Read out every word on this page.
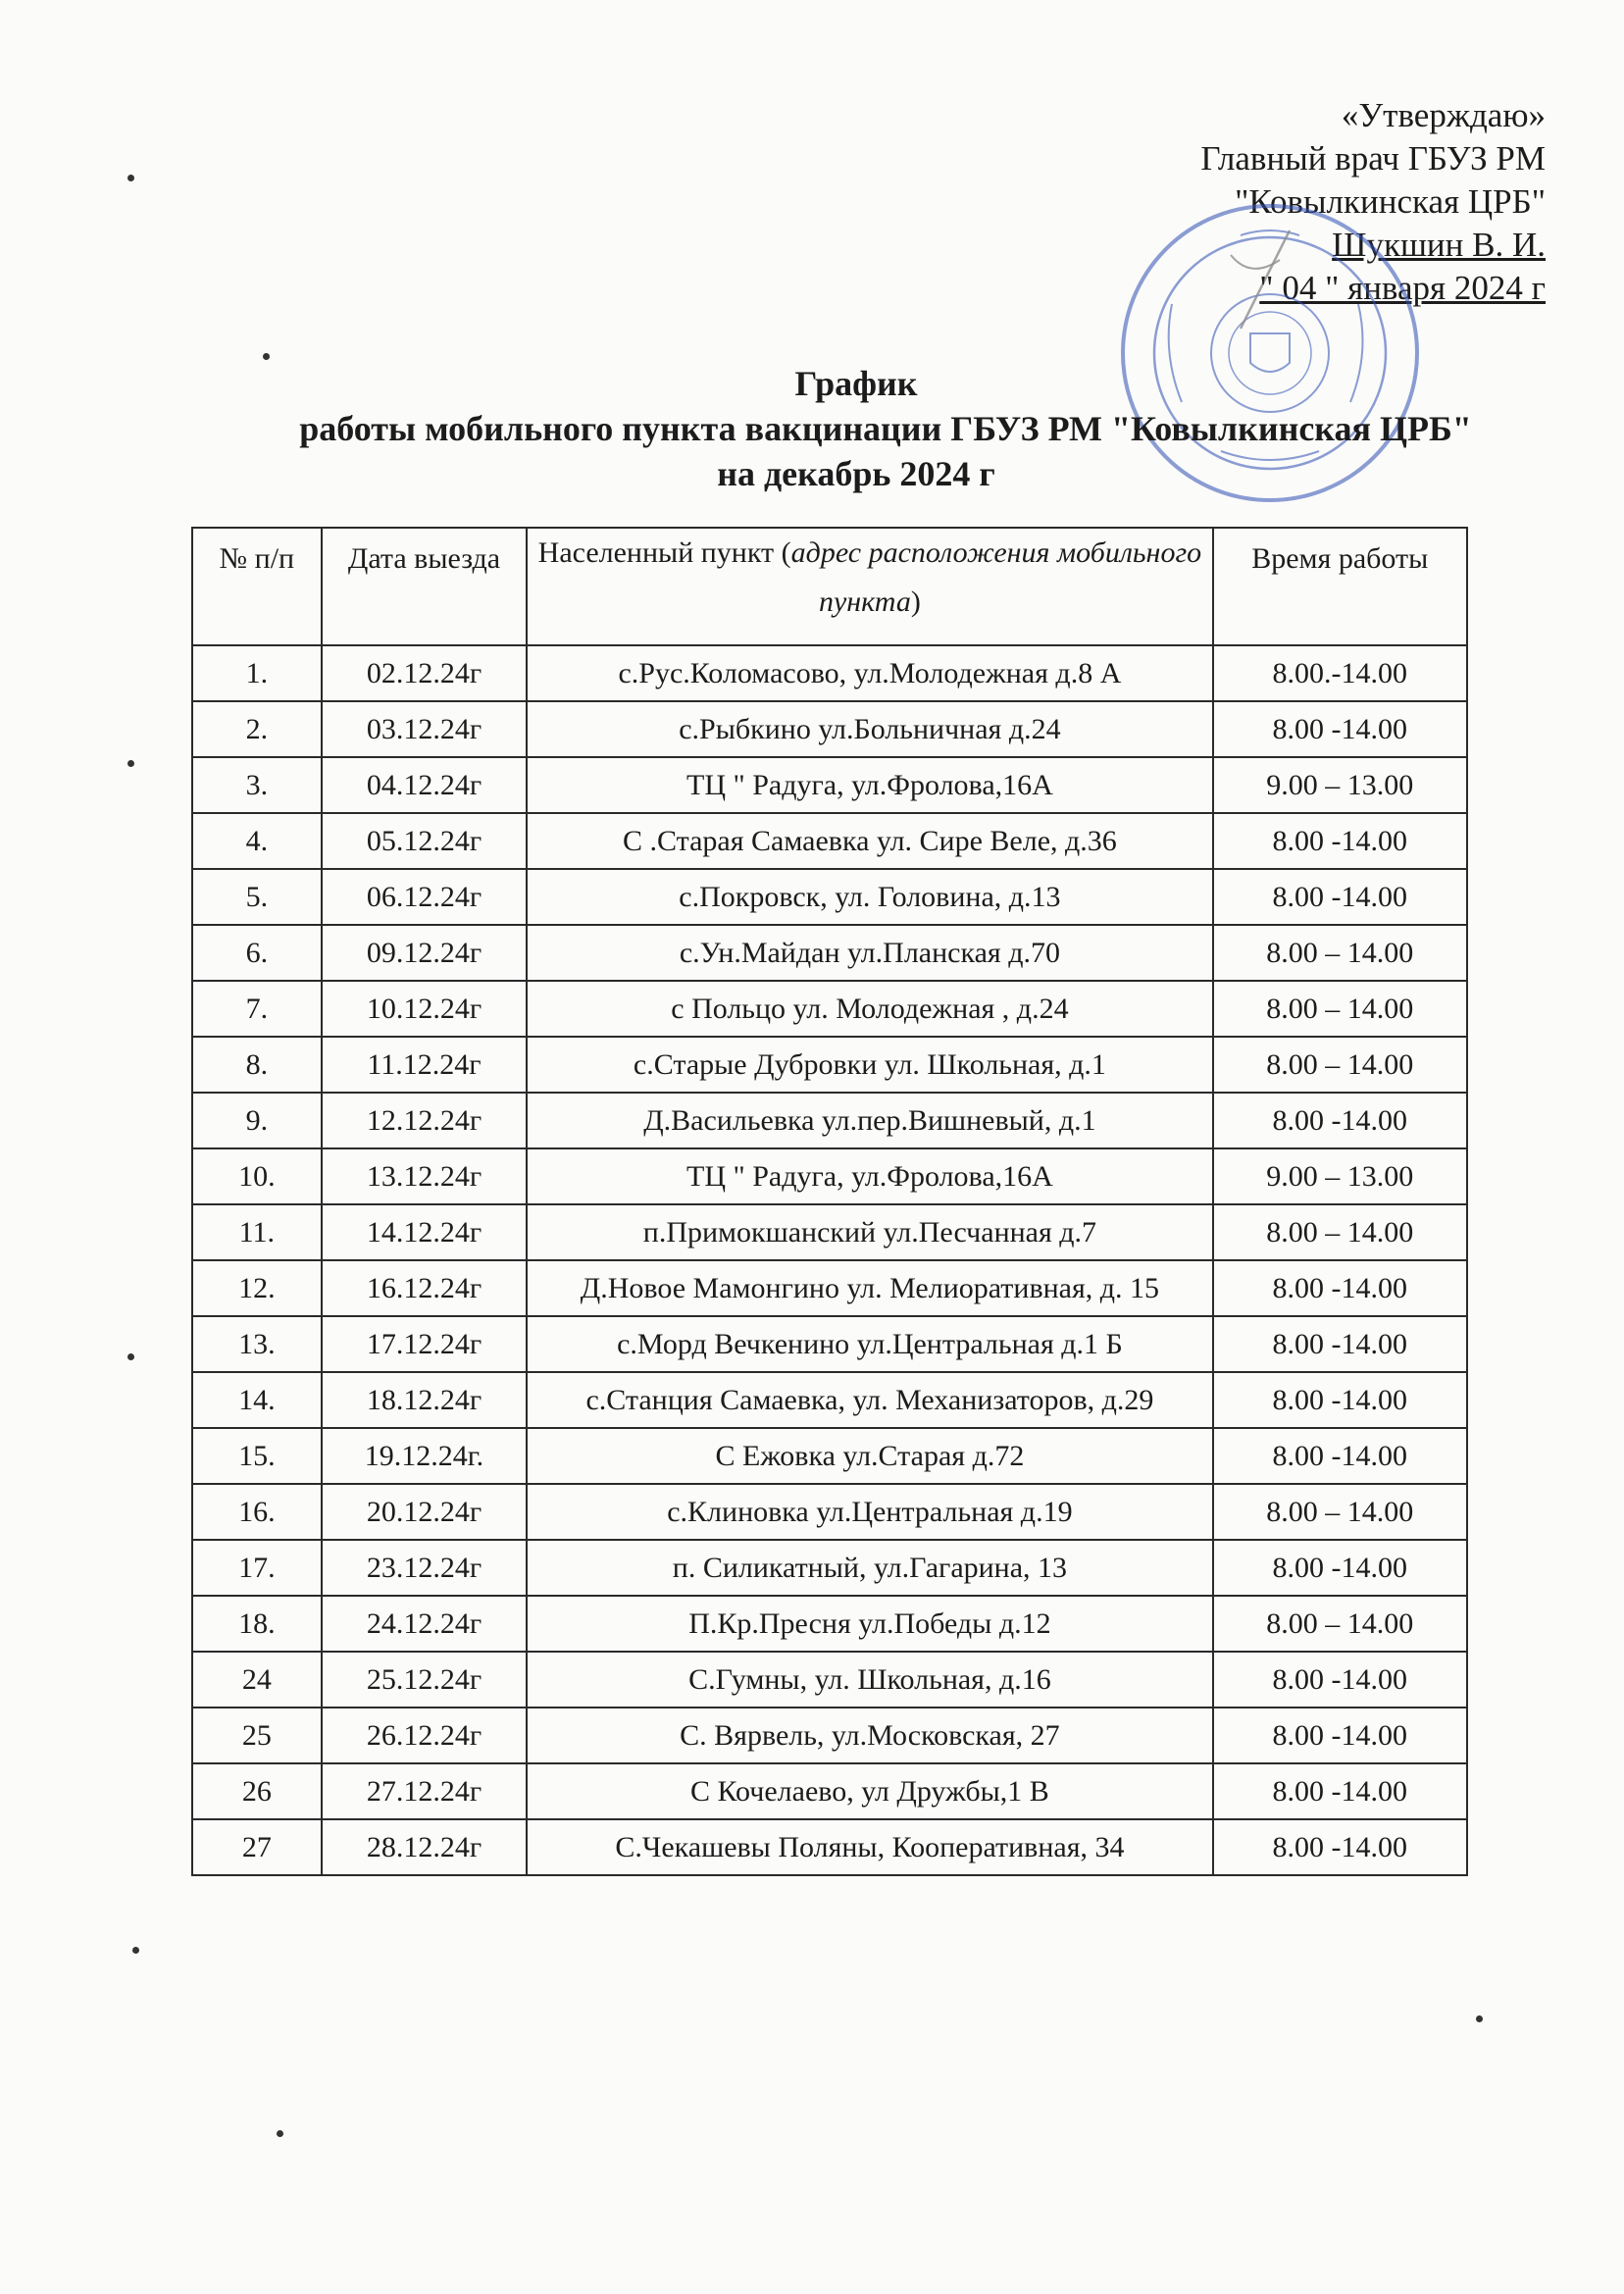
«Утверждаю»
Главный врач ГБУЗ РМ
"Ковылкинская ЦРБ"
Шукшин В. И.
" 04 " января 2024 г
График
работы мобильного пункта вакцинации ГБУЗ РМ "Ковылкинская ЦРБ"
на декабрь 2024 г
№ п/п	Дата выезда	Населенный пункт (адрес расположения мобильного пункта)	Время работы
1.	02.12.24г	с.Рус.Коломасово, ул.Молодежная д.8 А	8.00.-14.00
2.	03.12.24г	с.Рыбкино ул.Больничная д.24	8.00 -14.00
3.	04.12.24г	ТЦ " Радуга, ул.Фролова,16А	9.00 – 13.00
4.	05.12.24г	С .Старая Самаевка ул. Сире Веле, д.36	8.00 -14.00
5.	06.12.24г	с.Покровск, ул. Головина, д.13	8.00 -14.00
6.	09.12.24г	с.Ун.Майдан ул.Планская д.70	8.00 – 14.00
7.	10.12.24г	с Польцо ул. Молодежная , д.24	8.00 – 14.00
8.	11.12.24г	с.Старые Дубровки ул. Школьная, д.1	8.00 – 14.00
9.	12.12.24г	Д.Васильевка ул.пер.Вишневый, д.1	8.00 -14.00
10.	13.12.24г	ТЦ " Радуга, ул.Фролова,16А	9.00 – 13.00
11.	14.12.24г	п.Примокшанский ул.Песчанная д.7	8.00 – 14.00
12.	16.12.24г	Д.Новое Мамонгино ул. Мелиоративная, д. 15	8.00 -14.00
13.	17.12.24г	с.Морд Вечкенино ул.Центральная д.1 Б	8.00 -14.00
14.	18.12.24г	с.Станция Самаевка, ул. Механизаторов, д.29	8.00 -14.00
15.	19.12.24г.	С Ежовка ул.Старая д.72	8.00 -14.00
16.	20.12.24г	с.Клиновка ул.Центральная д.19	8.00 – 14.00
17.	23.12.24г	п. Силикатный, ул.Гагарина, 13	8.00 -14.00
18.	24.12.24г	П.Кр.Пресня ул.Победы д.12	8.00 – 14.00
24	25.12.24г	С.Гумны, ул. Школьная, д.16	8.00 -14.00
25	26.12.24г	С. Вярвель, ул.Московская, 27	8.00 -14.00
26	27.12.24г	С Кочелаево, ул Дружбы,1 В	8.00 -14.00
27	28.12.24г	С.Чекашевы Поляны, Кооперативная, 34	8.00 -14.00
